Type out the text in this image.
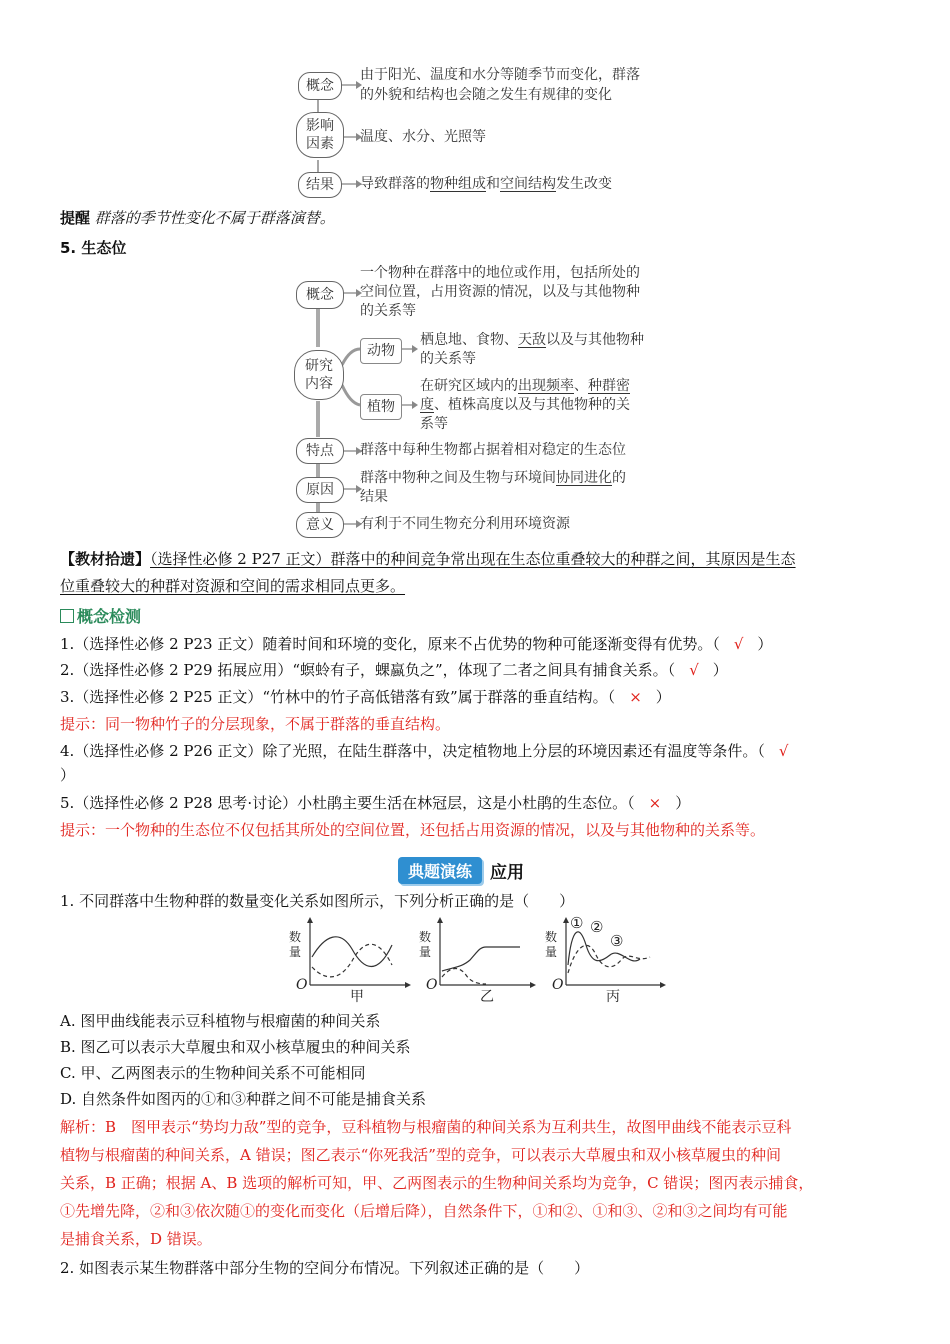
概念
由于阳光、温度和水分等随季节而变化，群落
的外貌和结构也会随之发生有规律的变化
影响
因素 温度、水分、光照等
结果 导致群落的物种组成和空间结构发生改变
提醒 群落的季节性变化不属于群落演替。
5. 生态位
概念
一个物种在群落中的地位或作用，包括所处的
空间位置，占用资源的情况，以及与其他物种
的关系等
研究
内容
动物
栖息地、食物、天敌以及与其他物种
的关系等
植物
在研究区域内的出现频率、种群密
度、植株高度以及与其他物种的关
系等
特点 群落中每种生物都占据着相对稳定的生态位
原因
群落中物种之间及生物与环境间协同进化的
结果
意义 有利于不同生物充分利用环境资源
【教材拾遗】（选择性必修 2 P27 正文）群落中的种间竞争常出现在生态位重叠较大的种群之间，其原因是生态
位重叠较大的种群对资源和空间的需求相同点更多。
概念检测
1.（选择性必修 2 P23 正文）随着时间和环境的变化，原来不占优势的物种可能逐渐变得有优势。（ √ ）
2.（选择性必修 2 P29 拓展应用）“螟蛉有子，蜾蠃负之”，体现了二者之间具有捕食关系。（ √ ）
3.（选择性必修 2 P25 正文）“竹林中的竹子高低错落有致”属于群落的垂直结构。（ × ）
提示：同一物种竹子的分层现象，不属于群落的垂直结构。
4.（选择性必修 2 P26 正文）除了光照，在陆生群落中，决定植物地上分层的环境因素还有温度等条件。（ √
）
5.（选择性必修 2 P28 思考·讨论）小杜鹃主要生活在林冠层，这是小杜鹃的生态位。（ × ）
提示：一个物种的生态位不仅包括其所处的空间位置，还包括占用资源的情况，以及与其他物种的关系等。
典题演练	应用
1. 不同群落中生物种群的数量变化关系如图所示，下列分析正确的是（　　）
数量
数量
数量
O	O	O
甲	乙	丙
① ②
③
A. 图甲曲线能表示豆科植物与根瘤菌的种间关系
B. 图乙可以表示大草履虫和双小核草履虫的种间关系
C. 甲、乙两图表示的生物种间关系不可能相同
D. 自然条件如图丙的①和③种群之间不可能是捕食关系
解析：B　图甲表示“势均力敌”型的竞争，豆科植物与根瘤菌的种间关系为互利共生，故图甲曲线不能表示豆科
植物与根瘤菌的种间关系，A 错误；图乙表示“你死我活”型的竞争，可以表示大草履虫和双小核草履虫的种间
关系，B 正确；根据 A、B 选项的解析可知，甲、乙两图表示的生物种间关系均为竞争，C 错误；图丙表示捕食，
①先增先降，②和③依次随①的变化而变化（后增后降），自然条件下，①和②、①和③、②和③之间均有可能
是捕食关系，D 错误。
2. 如图表示某生物群落中部分生物的空间分布情况。下列叙述正确的是（　　）
